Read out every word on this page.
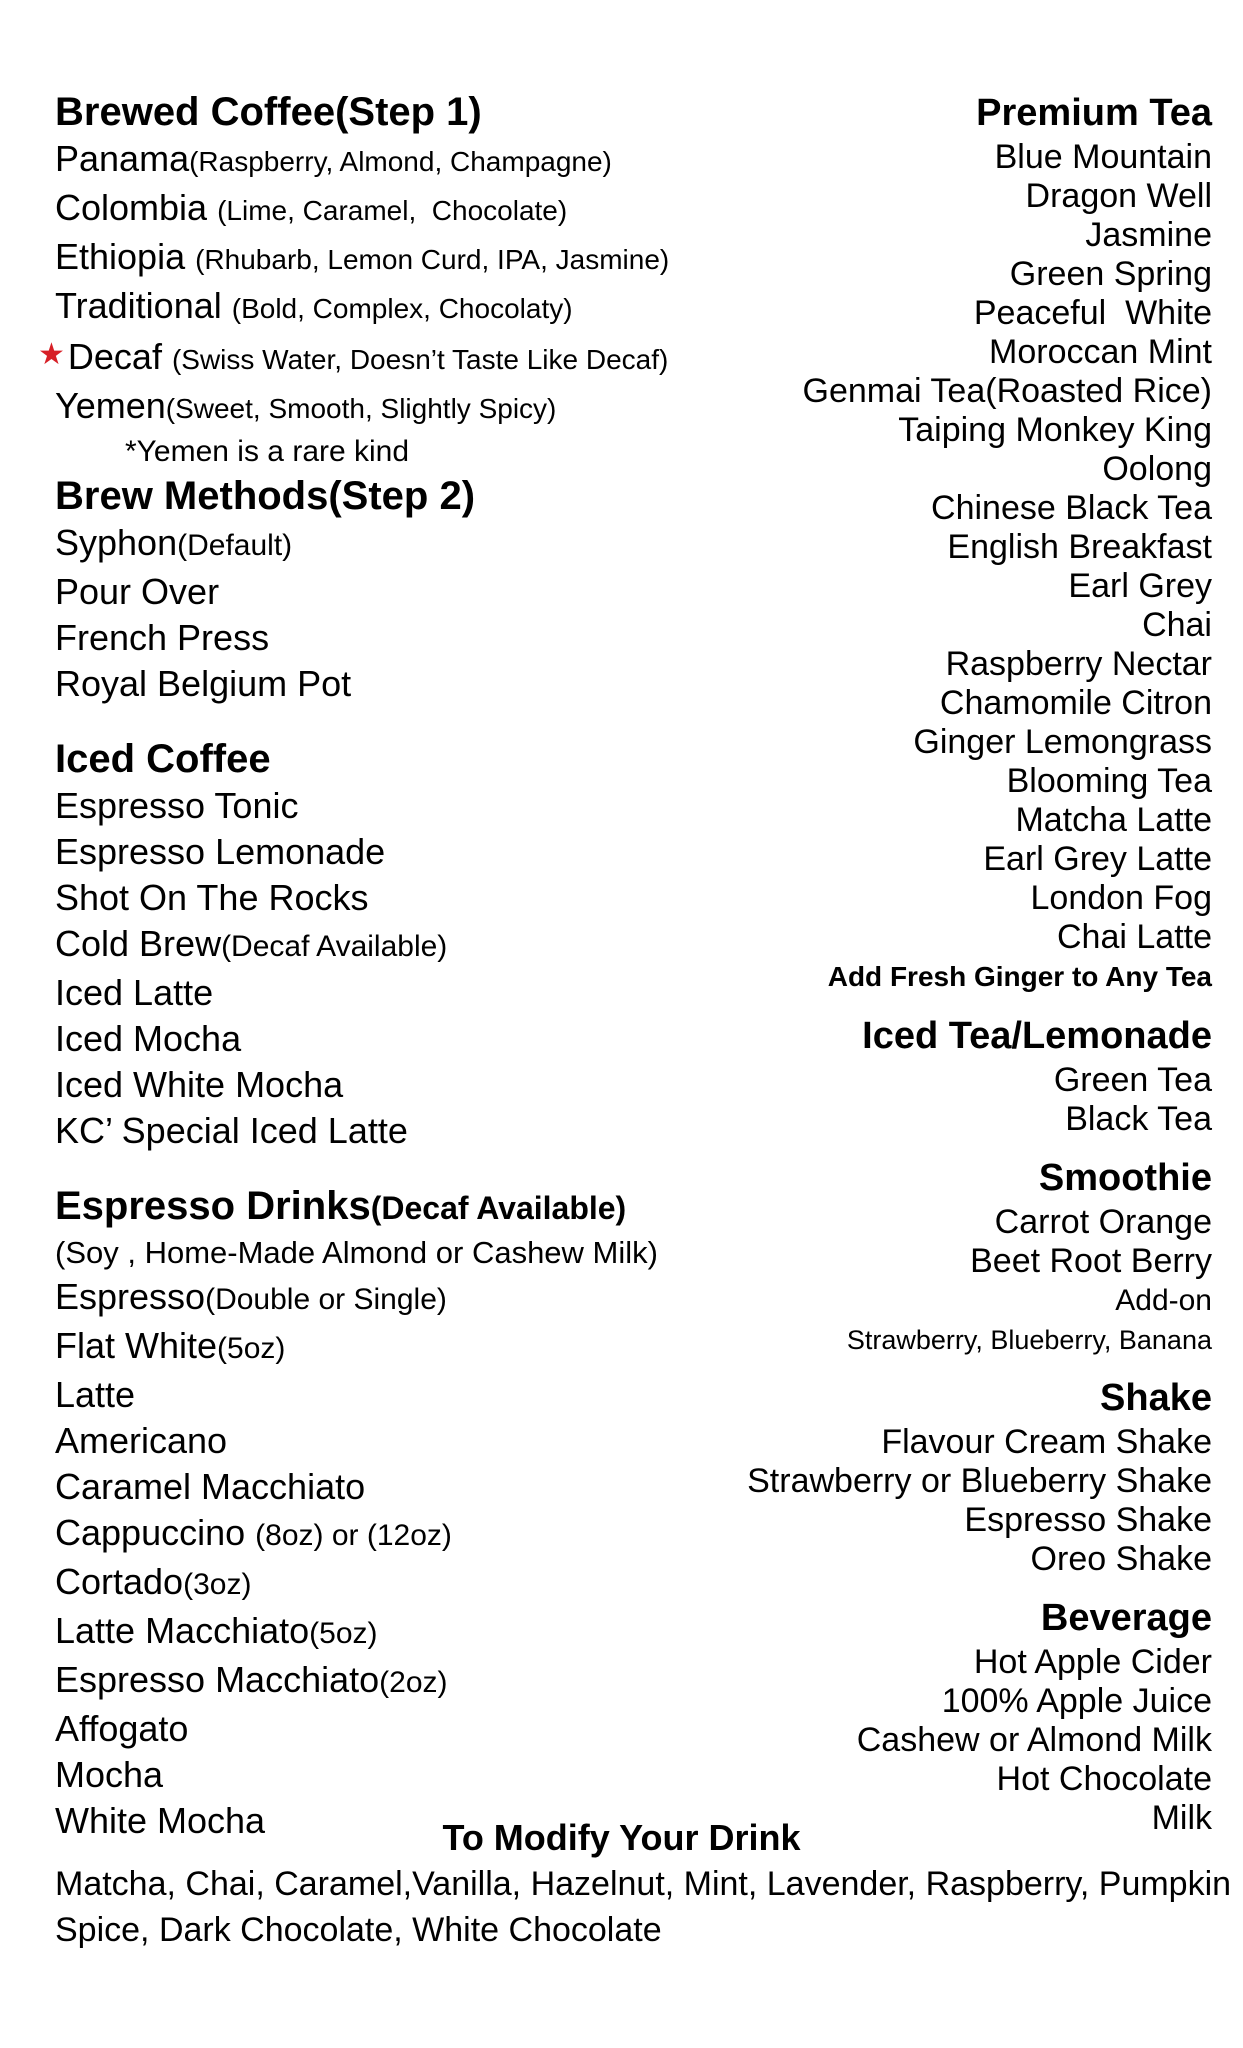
Brewed Coffee(Step 1)
Panama(Raspberry, Almond, Champagne)
Colombia (Lime, Caramel,  Chocolate)
Ethiopia (Rhubarb, Lemon Curd, IPA, Jasmine)
Traditional (Bold, Complex, Chocolaty)
★Decaf (Swiss Water, Doesn’t Taste Like Decaf)
Yemen(Sweet, Smooth, Slightly Spicy)
*Yemen is a rare kind
Brew Methods(Step 2)
Syphon(Default)
Pour Over
French Press
Royal Belgium Pot
Iced Coffee
Espresso Tonic
Espresso Lemonade
Shot On The Rocks
Cold Brew(Decaf Available)
Iced Latte
Iced Mocha
Iced White Mocha
KC’ Special Iced Latte
Espresso Drinks(Decaf Available)
(Soy , Home-Made Almond or Cashew Milk)
Espresso(Double or Single)
Flat White(5oz)
Latte
Americano
Caramel Macchiato
Cappuccino (8oz) or (12oz)
Cortado(3oz)
Latte Macchiato(5oz)
Espresso Macchiato(2oz)
Affogato
Mocha
White Mocha
Premium Tea
Blue Mountain
Dragon Well
Jasmine
Green Spring
Peaceful  White
Moroccan Mint
Genmai Tea(Roasted Rice)
Taiping Monkey King
Oolong
Chinese Black Tea
English Breakfast
Earl Grey
Chai
Raspberry Nectar
Chamomile Citron
Ginger Lemongrass
Blooming Tea
Matcha Latte
Earl Grey Latte
London Fog
Chai Latte
Add Fresh Ginger to Any Tea
Iced Tea/Lemonade
Green Tea
Black Tea
Smoothie
Carrot Orange
Beet Root Berry
Add-on
Strawberry, Blueberry, Banana
Shake
Flavour Cream Shake
Strawberry or Blueberry Shake
Espresso Shake
Oreo Shake
Beverage
Hot Apple Cider
100% Apple Juice
Cashew or Almond Milk
Hot Chocolate
Milk
To Modify Your Drink
Matcha, Chai, Caramel,Vanilla, Hazelnut, Mint, Lavender, Raspberry, Pumpkin
Spice, Dark Chocolate, White Chocolate
